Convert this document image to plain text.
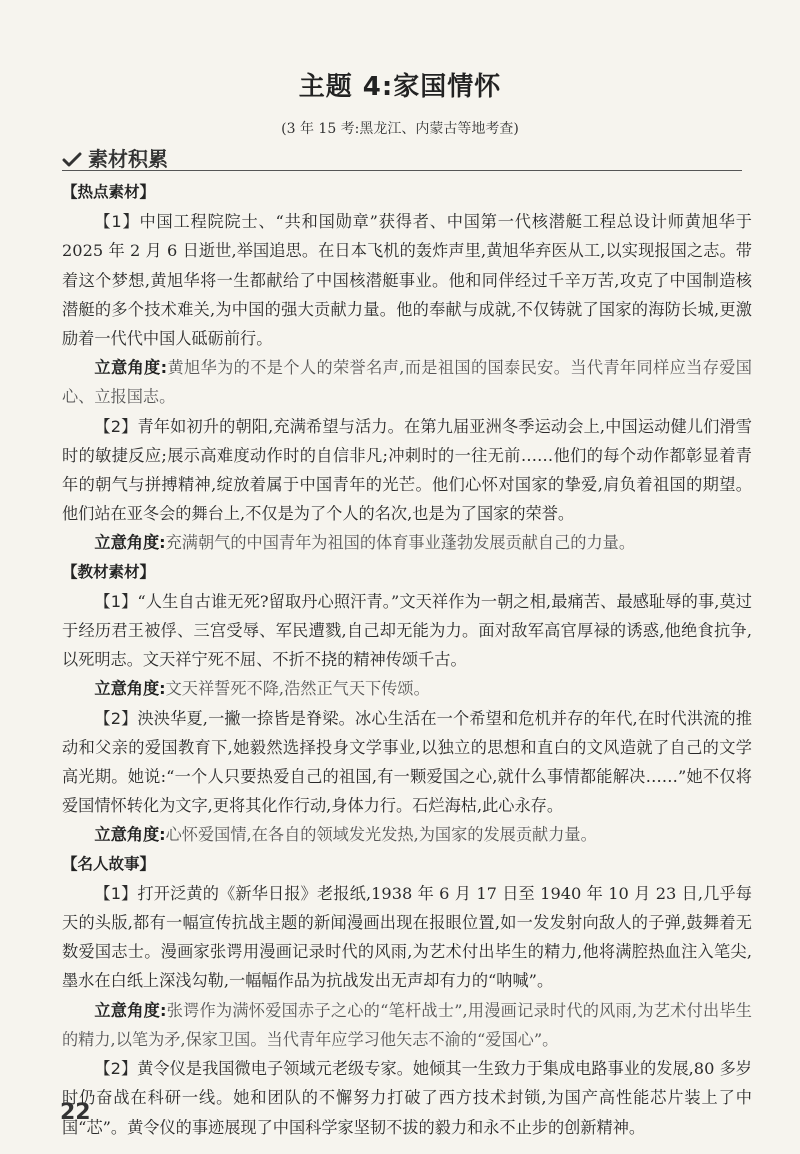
主题 4:家国情怀
(3 年 15 考:黑龙江、内蒙古等地考查)
素材积累

【热点素材】

【1】中国工程院院士、“共和国勋章”获得者、中国第一代核潜艇工程总设计师黄旭华于 2025 年 2 月 6 日逝世,举国追思。在日本飞机的轰炸声里,黄旭华弃医从工,以实现报国之志。带着这个梦想,黄旭华将一生都献给了中国核潜艇事业。他和同伴经过千辛万苦,攻克了中国制造核潜艇的多个技术难关,为中国的强大贡献力量。他的奉献与成就,不仅铸就了国家的海防长城,更激励着一代代中国人砥砺前行。

立意角度:黄旭华为的不是个人的荣誉名声,而是祖国的国泰民安。当代青年同样应当存爱国心、立报国志。

【2】青年如初升的朝阳,充满希望与活力。在第九届亚洲冬季运动会上,中国运动健儿们滑雪时的敏捷反应;展示高难度动作时的自信非凡;冲刺时的一往无前……他们的每个动作都彰显着青年的朝气与拼搏精神,绽放着属于中国青年的光芒。他们心怀对国家的挚爱,肩负着祖国的期望。他们站在亚冬会的舞台上,不仅是为了个人的名次,也是为了国家的荣誉。

立意角度:充满朝气的中国青年为祖国的体育事业蓬勃发展贡献自己的力量。

【教材素材】

【1】“人生自古谁无死?留取丹心照汗青。”文天祥作为一朝之相,最痛苦、最感耻辱的事,莫过于经历君王被俘、三宫受辱、军民遭戮,自己却无能为力。面对敌军高官厚禄的诱惑,他绝食抗争,以死明志。文天祥宁死不屈、不折不挠的精神传颂千古。

立意角度:文天祥誓死不降,浩然正气天下传颂。

【2】泱泱华夏,一撇一捺皆是脊梁。冰心生活在一个希望和危机并存的年代,在时代洪流的推动和父亲的爱国教育下,她毅然选择投身文学事业,以独立的思想和直白的文风造就了自己的文学高光期。她说:“一个人只要热爱自己的祖国,有一颗爱国之心,就什么事情都能解决……”她不仅将爱国情怀转化为文字,更将其化作行动,身体力行。石烂海枯,此心永存。

立意角度:心怀爱国情,在各自的领域发光发热,为国家的发展贡献力量。

【名人故事】

【1】打开泛黄的《新华日报》老报纸,1938 年 6 月 17 日至 1940 年 10 月 23 日,几乎每天的头版,都有一幅宣传抗战主题的新闻漫画出现在报眼位置,如一发发射向敌人的子弹,鼓舞着无数爱国志士。漫画家张谔用漫画记录时代的风雨,为艺术付出毕生的精力,他将满腔热血注入笔尖,墨水在白纸上深浅勾勒,一幅幅作品为抗战发出无声却有力的“呐喊”。

立意角度:张谔作为满怀爱国赤子之心的“笔杆战士”,用漫画记录时代的风雨,为艺术付出毕生的精力,以笔为矛,保家卫国。当代青年应学习他矢志不渝的“爱国心”。

【2】黄令仪是我国微电子领域元老级专家。她倾其一生致力于集成电路事业的发展,80 多岁时仍奋战在科研一线。她和团队的不懈努力打破了西方技术封锁,为国产高性能芯片装上了中国“芯”。黄令仪的事迹展现了中国科学家坚韧不拔的毅力和永不止步的创新精神。

22
